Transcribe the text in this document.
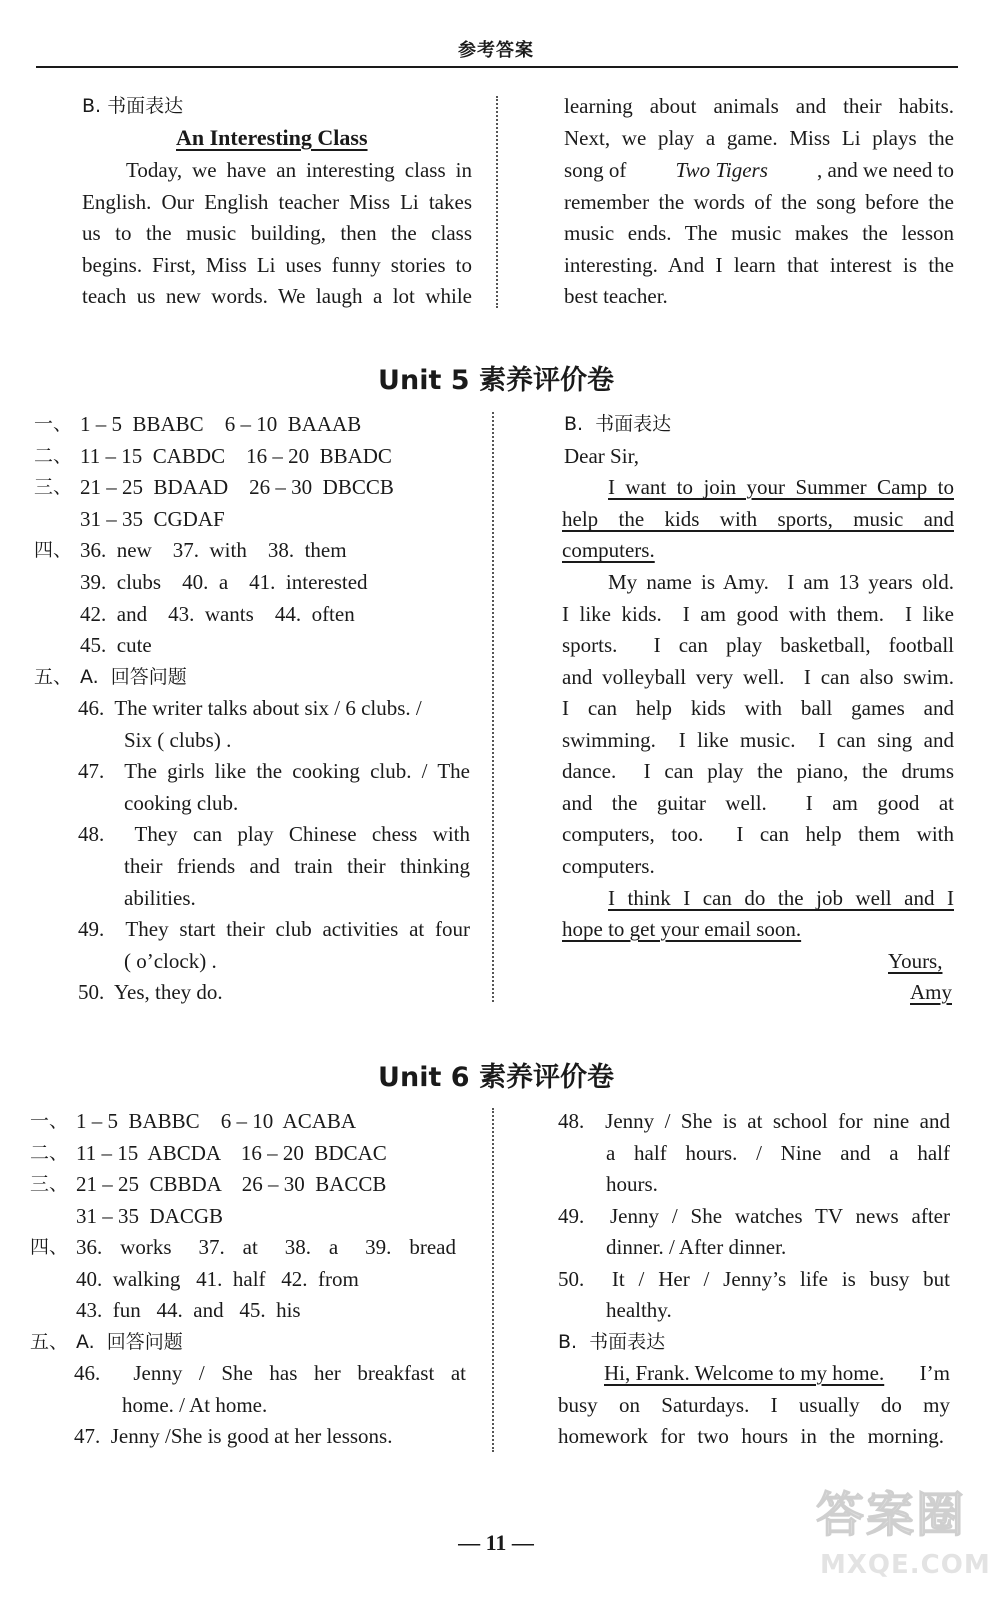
参考答案
B. 书面表达
An Interesting Class
Today, we have an interesting class in
English. Our English teacher Miss Li takes
us to the music building, then the class
begins. First, Miss Li uses funny stories to
teach us new words. We laugh a lot while
learning about animals and their habits.
Next, we play a game. Miss Li plays the
song of Two Tigers , and we need to
remember the words of the song before the
music ends. The music makes the lesson
interesting. And I learn that interest is the
best teacher.
Unit 5 素养评价卷
一、 1 – 5  BBABC    6 – 10  BAAAB
二、 11 – 15  CABDC    16 – 20  BBADC
三、 21 – 25  BDAAD    26 – 30  DBCCB
31 – 35  CGDAF
四、 36.  new    37.  with    38.  them
39.  clubs    40.  a    41.  interested
42.  and    43.  wants    44.  often
45.  cute
五、 A.  回答问题
46.  The writer talks about six / 6 clubs. /
Six ( clubs) .
47.  The girls like the cooking club. / The
cooking club.
48.  They can play Chinese chess with
their friends and train their thinking
abilities.
49.  They start their club activities at four
( o’clock) .
50.  Yes, they do.
B.  书面表达
Dear Sir,
I want to join your Summer Camp to
help the kids with sports, music and
computers.
My name is Amy.  I am 13 years old.
I like kids.  I am good with them.  I like
sports.  I can play basketball, football
and volleyball very well.  I can also swim.
I can help kids with ball games and
swimming.  I like music.  I can sing and
dance.  I can play the piano, the drums
and the guitar well.  I am good at
computers, too.  I can help them with
computers.
I think I can do the job well and I
hope to get your email soon.
Yours,
Amy
Unit 6 素养评价卷
一、 1 – 5  BABBC    6 – 10  ACABA
二、 11 – 15  ABCDA    16 – 20  BDCAC
三、 21 – 25  CBBDA    26 – 30  BACCB
31 – 35  DACGB
四、 36.  works   37.  at   38.  a   39.  bread
40.  walking   41.  half   42.  from
43.  fun   44.  and   45.  his
五、 A.  回答问题
46.  Jenny / She has her breakfast at
home. / At home.
47.  Jenny /She is good at her lessons.
48.  Jenny / She is at school for nine and
a half hours. / Nine and a half
hours.
49.  Jenny / She watches TV news after
dinner. / After dinner.
50.  It / Her / Jenny’s life is busy but
healthy.
B.  书面表达
Hi, Frank. Welcome to my home. I’m
busy on Saturdays. I usually do my
homework for two hours in the morning.
— 11 —	答案圈
MXQE.COM
